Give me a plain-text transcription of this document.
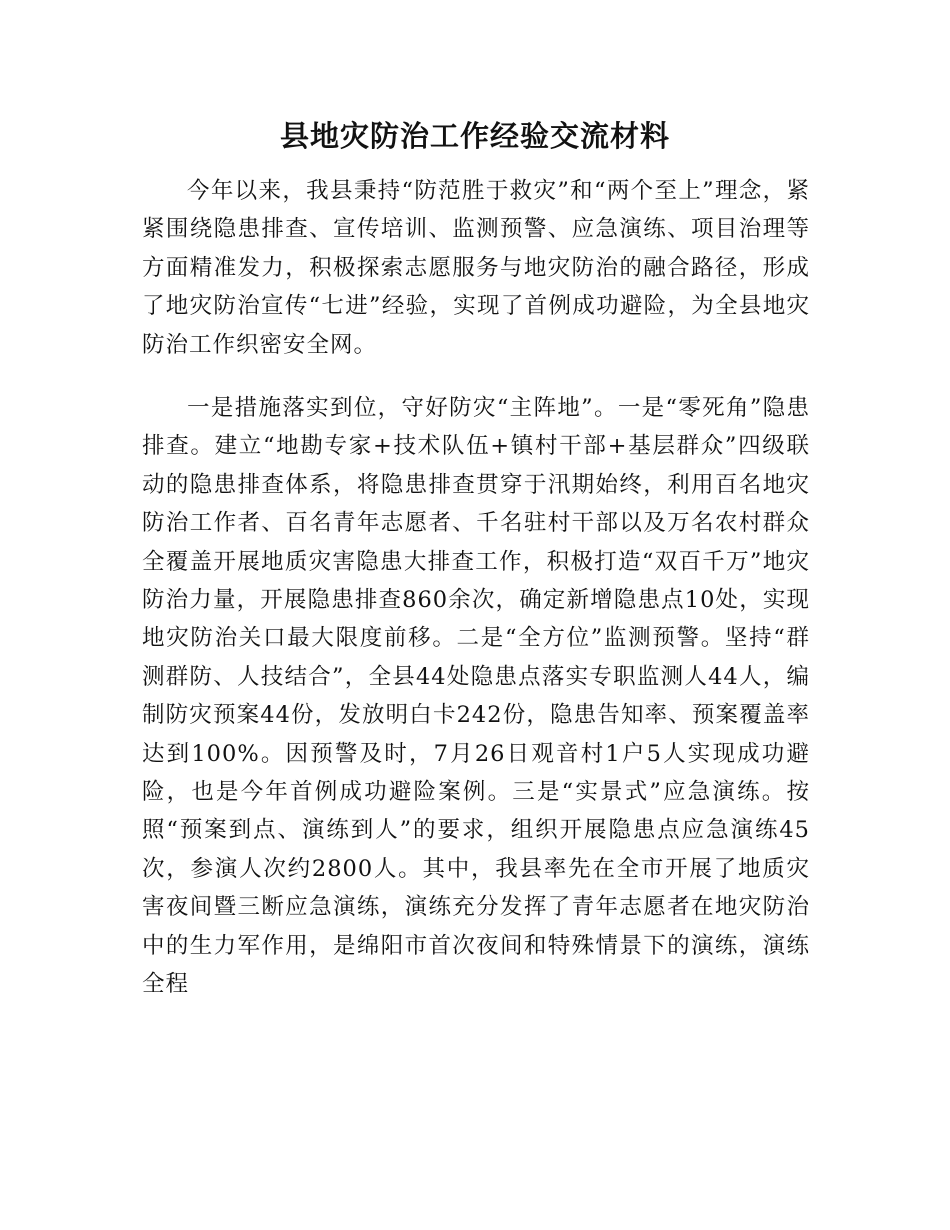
县地灾防治工作经验交流材料

今年以来，我县秉持“防范胜于救灾”和“两个至上”理念，紧紧围绕隐患排查、宣传培训、监测预警、应急演练、项目治理等方面精准发力，积极探索志愿服务与地灾防治的融合路径，形成了地灾防治宣传“七进”经验，实现了首例成功避险，为全县地灾防治工作织密安全网。

一是措施落实到位，守好防灾“主阵地”。一是“零死角”隐患排查。建立“地勘专家+技术队伍+镇村干部+基层群众”四级联动的隐患排查体系，将隐患排查贯穿于汛期始终，利用百名地灾防治工作者、百名青年志愿者、千名驻村干部以及万名农村群众全覆盖开展地质灾害隐患大排查工作，积极打造“双百千万”地灾防治力量，开展隐患排查860余次，确定新增隐患点10处，实现地灾防治关口最大限度前移。二是“全方位”监测预警。坚持“群测群防、人技结合”，全县44处隐患点落实专职监测人44人，编制防灾预案44份，发放明白卡242份，隐患告知率、预案覆盖率达到100%。因预警及时，7月26日观音村1户5人实现成功避险，也是今年首例成功避险案例。三是“实景式”应急演练。按照“预案到点、演练到人”的要求，组织开展隐患点应急演练45次，参演人次约2800人。其中，我县率先在全市开展了地质灾害夜间暨三断应急演练，演练充分发挥了青年志愿者在地灾防治中的生力军作用，是绵阳市首次夜间和特殊情景下的演练，演练全程
